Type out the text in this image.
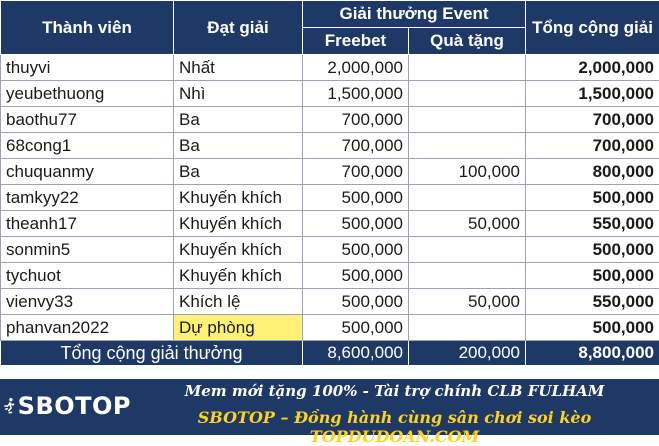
Thành viên	Đạt giải	Giải thưởng Event		Tổng cộng giải
		Freebet	Quà tặng	
thuyvi	Nhất	2,000,000		2,000,000
yeubethuong	Nhì	1,500,000		1,500,000
baothu77	Ba	700,000		700,000
68cong1	Ba	700,000		700,000
chuquanmy	Ba	700,000	100,000	800,000
tamkyy22	Khuyến khích	500,000		500,000
theanh17	Khuyến khích	500,000	50,000	550,000
sonmin5	Khuyến khích	500,000		500,000
tychuot	Khuyến khích	500,000		500,000
vienvy33	Khích lệ	500,000	50,000	550,000
phanvan2022	Dự phòng	500,000		500,000
Tổng cộng giải thưởng		8,600,000	200,000	8,800,000
SBOTOP
Mem mới tặng 100% - Tài trợ chính CLB FULHAM
SBOTOP – Đồng hành cùng sân chơi soi kèo TOPDUDOAN.COM
